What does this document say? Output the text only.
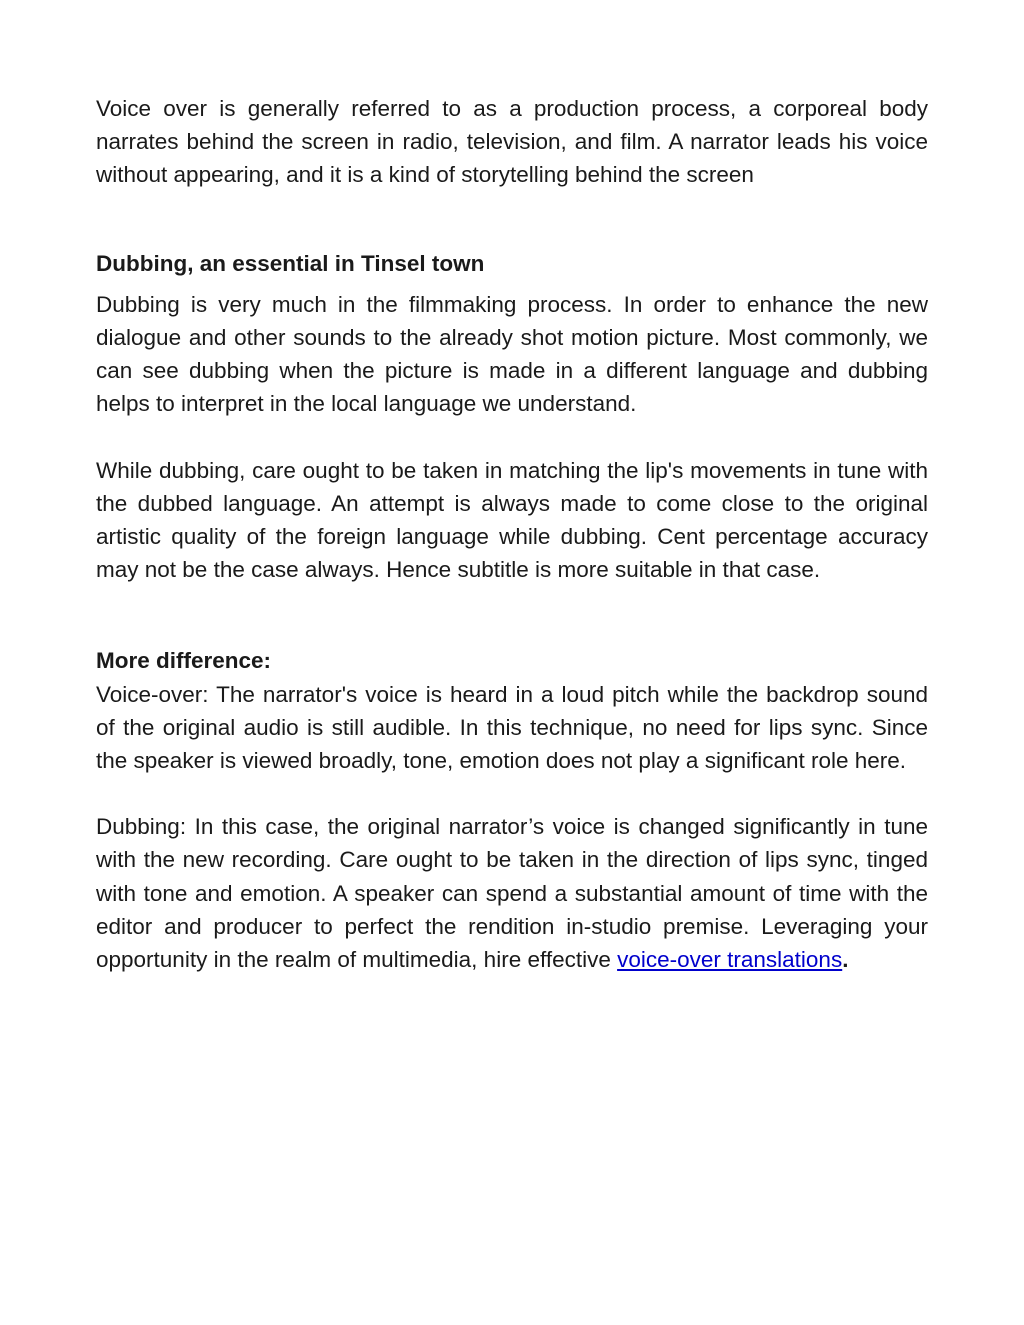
Voice over is generally referred to as a production process, a corporeal body narrates behind the screen in radio, television, and film. A narrator leads his voice without appearing, and it is a kind of storytelling behind the screen

Dubbing, an essential in Tinsel town

Dubbing is very much in the filmmaking process. In order to enhance the new dialogue and other sounds to the already shot motion picture. Most commonly, we can see dubbing when the picture is made in a different language and dubbing helps to interpret in the local language we understand.

While dubbing, care ought to be taken in matching the lip's movements in tune with the dubbed language. An attempt is always made to come close to the original artistic quality of the foreign language while dubbing. Cent percentage accuracy may not be the case always. Hence subtitle is more suitable in that case.

More difference:

Voice-over: The narrator's voice is heard in a loud pitch while the backdrop sound of the original audio is still audible. In this technique, no need for lips sync. Since the speaker is viewed broadly, tone, emotion does not play a significant role here.

Dubbing: In this case, the original narrator’s voice is changed significantly in tune with the new recording. Care ought to be taken in the direction of lips sync, tinged with tone and emotion. A speaker can spend a substantial amount of time with the editor and producer to perfect the rendition in-studio premise. Leveraging your opportunity in the realm of multimedia, hire effective voice-over translations.
